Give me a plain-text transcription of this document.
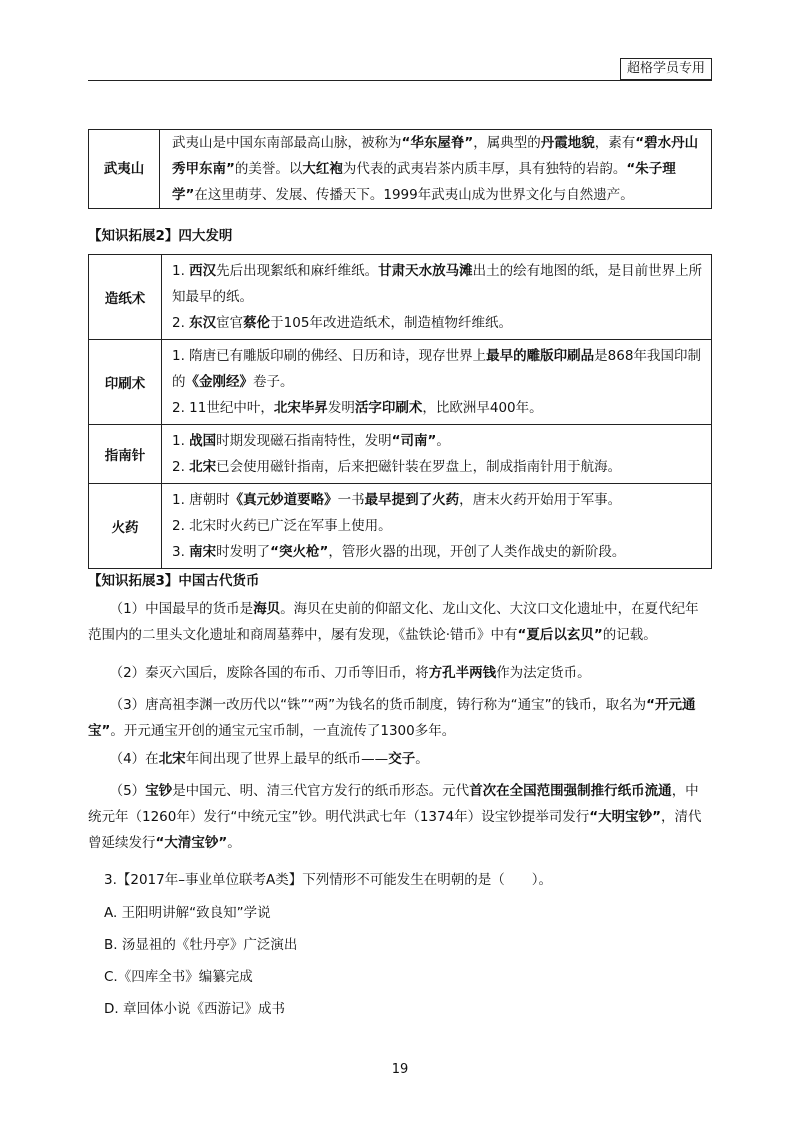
超格学员专用
武夷山	武夷山是中国东南部最高山脉，被称为“华东屋脊”，属典型的丹霞地貌，素有“碧水丹山秀甲东南”的美誉。以大红袍为代表的武夷岩茶内质丰厚，具有独特的岩韵。“朱子理学”在这里萌芽、发展、传播天下。1999年武夷山成为世界文化与自然遗产。
【知识拓展2】四大发明
造纸术	1. 西汉先后出现絮纸和麻纤维纸。甘肃天水放马滩出土的绘有地图的纸，是目前世界上所知最早的纸。
2. 东汉宦官蔡伦于105年改进造纸术，制造植物纤维纸。

印刷术	1. 隋唐已有雕版印刷的佛经、日历和诗，现存世界上最早的雕版印刷品是868年我国印制的《金刚经》卷子。
2. 11世纪中叶，北宋毕昇发明活字印刷术，比欧洲早400年。

指南针	1. 战国时期发现磁石指南特性，发明“司南”。
2. 北宋已会使用磁针指南，后来把磁针装在罗盘上，制成指南针用于航海。

火药	1. 唐朝时《真元妙道要略》一书最早提到了火药，唐末火药开始用于军事。
2. 北宋时火药已广泛在军事上使用。
3. 南宋时发明了“突火枪”，管形火器的出现，开创了人类作战史的新阶段。
【知识拓展3】中国古代货币
（1）中国最早的货币是海贝。海贝在史前的仰韶文化、龙山文化、大汶口文化遗址中，在夏代纪年范围内的二里头文化遗址和商周墓葬中，屡有发现，《盐铁论·错币》中有“夏后以玄贝”的记载。
（2）秦灭六国后，废除各国的布币、刀币等旧币，将方孔半两钱作为法定货币。
（3）唐高祖李渊一改历代以“铢”“两”为钱名的货币制度，铸行称为“通宝”的钱币，取名为“开元通宝”。开元通宝开创的通宝元宝币制，一直流传了1300多年。
（4）在北宋年间出现了世界上最早的纸币——交子。
（5）宝钞是中国元、明、清三代官方发行的纸币形态。元代首次在全国范围强制推行纸币流通，中统元年（1260年）发行“中统元宝”钞。明代洪武七年（1374年）设宝钞提举司发行“大明宝钞”，清代曾延续发行“大清宝钞”。
3.【2017年–事业单位联考A类】下列情形不可能发生在明朝的是（　　）。
A. 王阳明讲解“致良知”学说
B. 汤显祖的《牡丹亭》广泛演出
C.《四库全书》编纂完成
D. 章回体小说《西游记》成书
19
